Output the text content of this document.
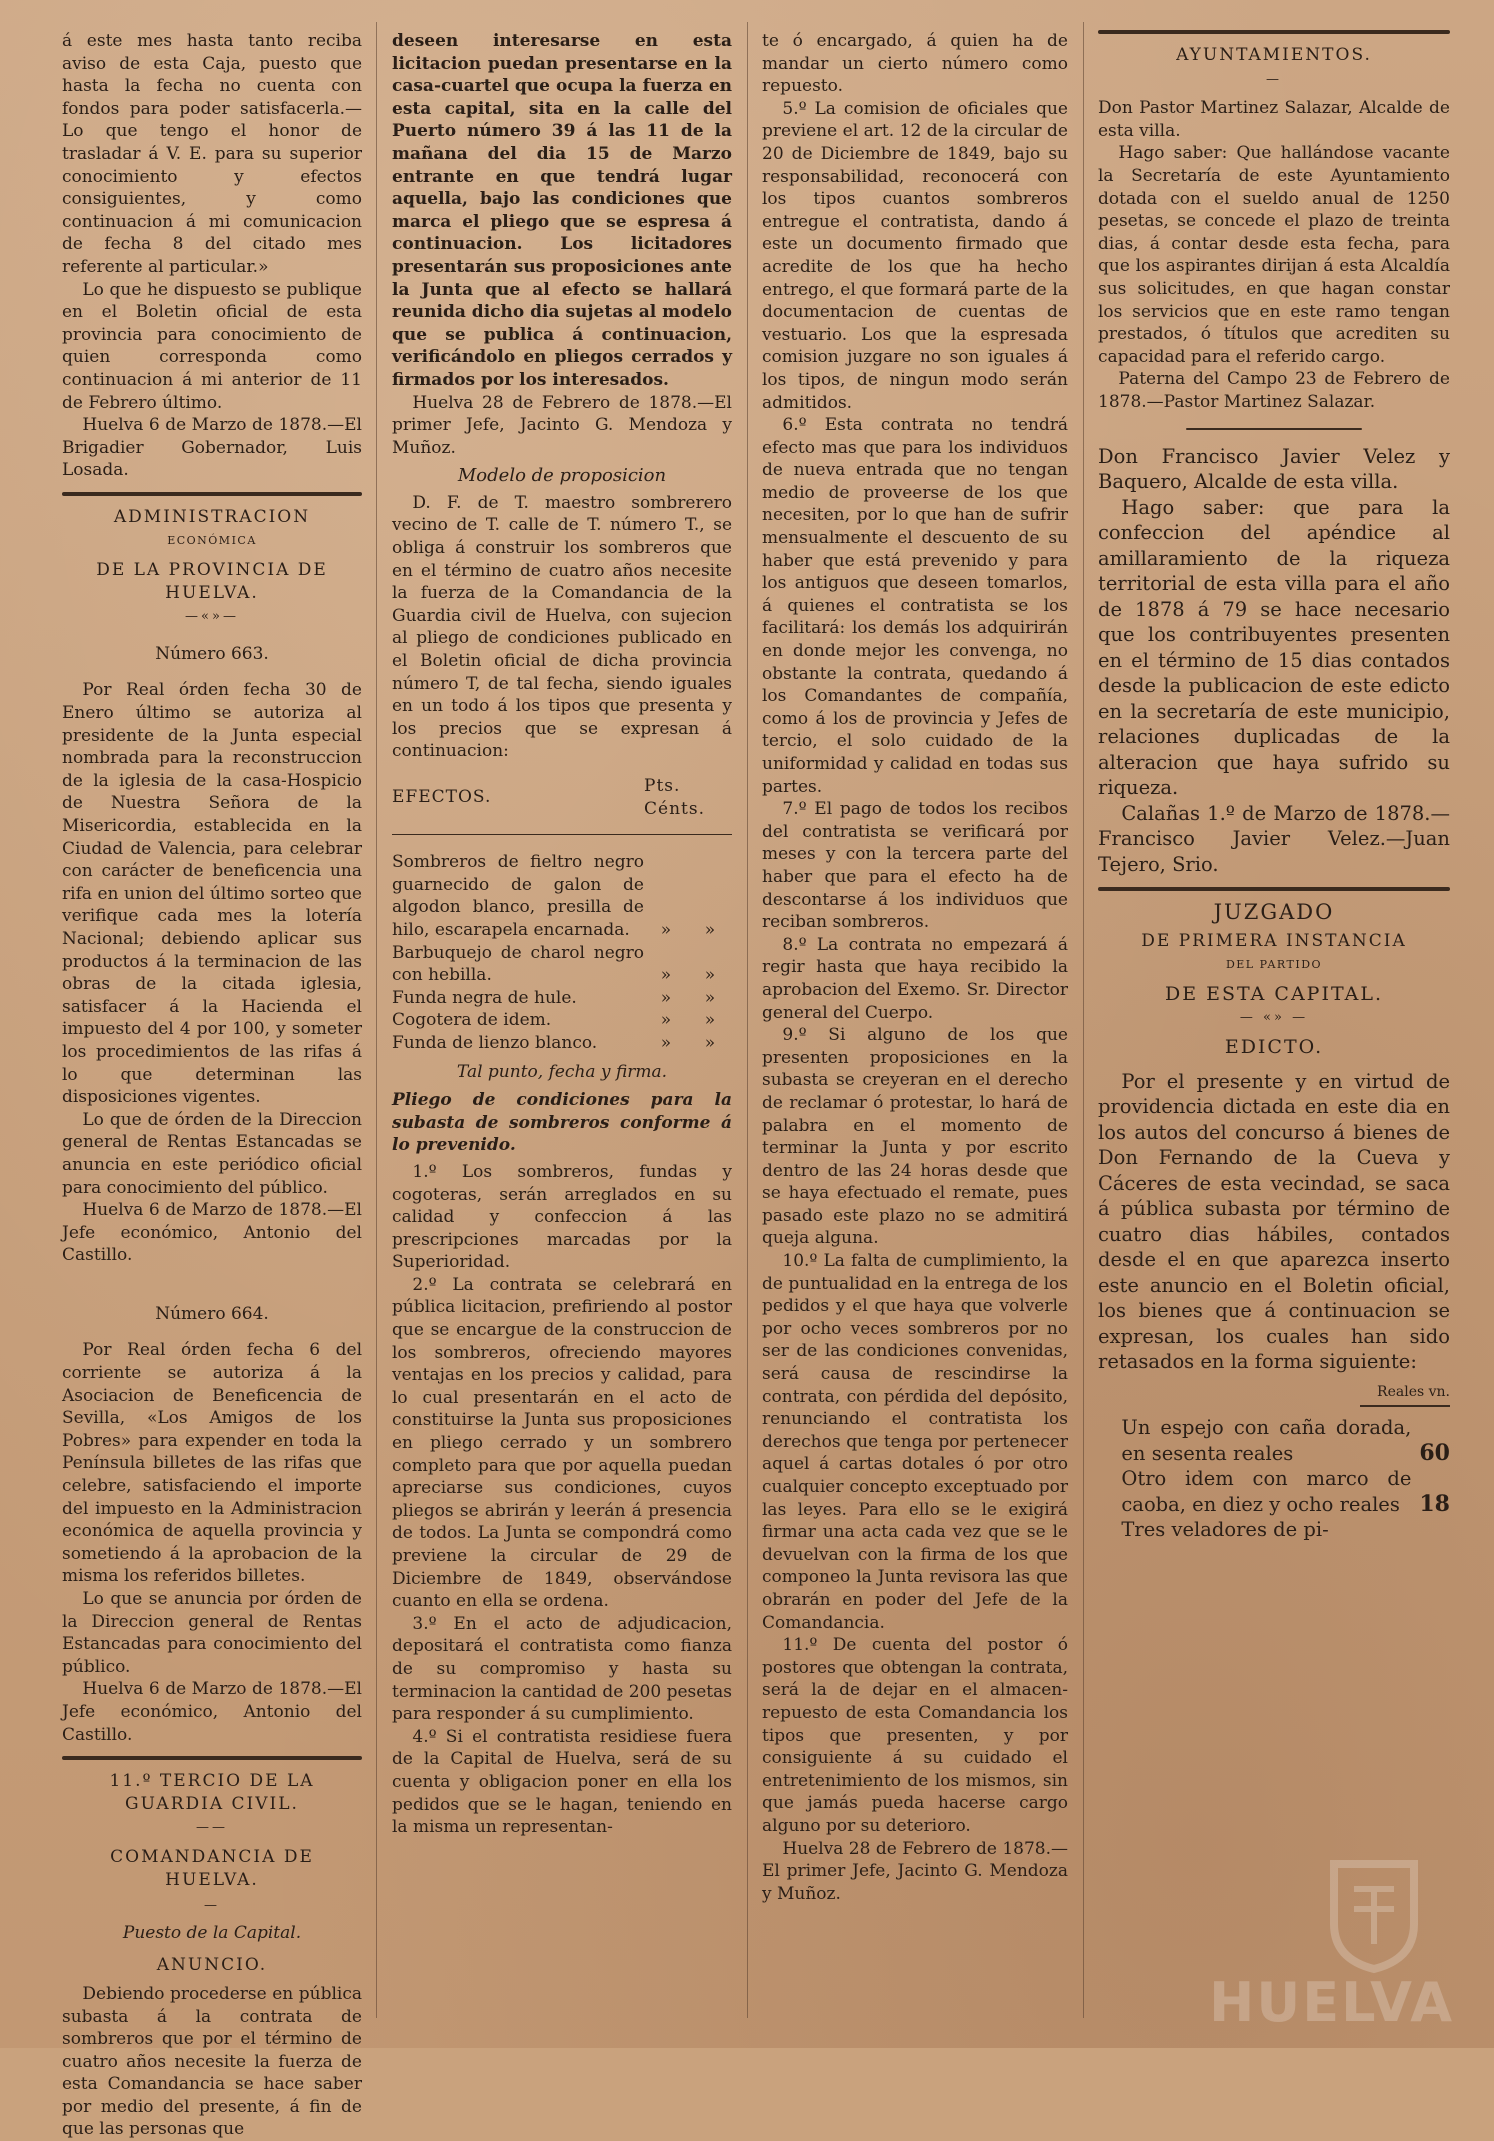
á este mes hasta tanto reciba aviso de esta Caja, puesto que hasta la fecha no cuenta con fondos para poder satisfacerla.—Lo que tengo el honor de trasladar á V. E. para su superior conocimiento y efectos consiguientes, y como continuacion á mi comunicacion de fecha 8 del citado mes referente al particular.»

Lo que he dispuesto se publique en el Boletin oficial de esta provincia para conocimiento de quien corresponda como continuacion á mi anterior de 11 de Febrero último.

Huelva 6 de Marzo de 1878.—El Brigadier Gobernador, Luis Losada.

ADMINISTRACION
ECONÓMICA
DE LA PROVINCIA DE HUELVA.
—«»—
Número 663.

Por Real órden fecha 30 de Enero último se autoriza al presidente de la Junta especial nombrada para la reconstruccion de la iglesia de la casa-Hospicio de Nuestra Señora de la Misericordia, establecida en la Ciudad de Valencia, para celebrar con carácter de beneficencia una rifa en union del último sorteo que verifique cada mes la lotería Nacional; debiendo aplicar sus productos á la terminacion de las obras de la citada iglesia, satisfacer á la Hacienda el impuesto del 4 por 100, y someter los procedimientos de las rifas á lo que determinan las disposiciones vigentes.

Lo que de órden de la Direccion general de Rentas Estancadas se anuncia en este periódico oficial para conocimiento del público.

Huelva 6 de Marzo de 1878.—El Jefe económico, Antonio del Castillo.

Número 664.

Por Real órden fecha 6 del corriente se autoriza á la Asociacion de Beneficencia de Sevilla, «Los Amigos de los Pobres» para expender en toda la Península billetes de las rifas que celebre, satisfaciendo el importe del impuesto en la Administracion económica de aquella provincia y sometiendo á la aprobacion de la misma los referidos billetes.

Lo que se anuncia por órden de la Direccion general de Rentas Estancadas para conocimiento del público.

Huelva 6 de Marzo de 1878.—El Jefe económico, Antonio del Castillo.

11.º TERCIO DE LA GUARDIA CIVIL.
——
COMANDANCIA DE HUELVA.
—
Puesto de la Capital.
ANUNCIO.

Debiendo procederse en pública subasta á la contrata de sombreros que por el término de cuatro años necesite la fuerza de esta Comandancia se hace saber por medio del presente, á fin de que las personas que

deseen interesarse en esta licitacion puedan presentarse en la casa-cuartel que ocupa la fuerza en esta capital, sita en la calle del Puerto número 39 á las 11 de la mañana del dia 15 de Marzo entrante en que tendrá lugar aquella, bajo las condiciones que marca el pliego que se espresa á continuacion. Los licitadores presentarán sus proposiciones ante la Junta que al efecto se hallará reunida dicho dia sujetas al modelo que se publica á continuacion, verificándolo en pliegos cerrados y firmados por los interesados.

Huelva 28 de Febrero de 1878.—El primer Jefe, Jacinto G. Mendoza y Muñoz.

Modelo de proposicion

D. F. de T. maestro sombrerero vecino de T. calle de T. número T., se obliga á construir los sombreros que en el término de cuatro años necesite la fuerza de la Comandancia de la Guardia civil de Huelva, con sujecion al pliego de condiciones publicado en el Boletin oficial de dicha provincia número T, de tal fecha, siendo iguales en un todo á los tipos que presenta y los precios que se expresan á continuacion:

EFECTOS.	Pts. Cénts.	
Sombreros de fieltro negro guarnecido de galon de algodon blanco, presilla de hilo, escarapela encarnada.	»	»
Barbuquejo de charol negro con hebilla.	»	»
Funda negra de hule.	»	»
Cogotera de idem.	»	»
Funda de lienzo blanco.	»	»
Tal punto, fecha y firma.

Pliego de condiciones para la subasta de sombreros conforme á lo prevenido.

1.º Los sombreros, fundas y cogoteras, serán arreglados en su calidad y confeccion á las prescripciones marcadas por la Superioridad.

2.º La contrata se celebrará en pública licitacion, prefiriendo al postor que se encargue de la construccion de los sombreros, ofreciendo mayores ventajas en los precios y calidad, para lo cual presentarán en el acto de constituirse la Junta sus proposiciones en pliego cerrado y un sombrero completo para que por aquella puedan apreciarse sus condiciones, cuyos pliegos se abrirán y leerán á presencia de todos. La Junta se compondrá como previene la circular de 29 de Diciembre de 1849, observándose cuanto en ella se ordena.

3.º En el acto de adjudicacion, depositará el contratista como fianza de su compromiso y hasta su terminacion la cantidad de 200 pesetas para responder á su cumplimiento.

4.º Si el contratista residiese fuera de la Capital de Huelva, será de su cuenta y obligacion poner en ella los pedidos que se le hagan, teniendo en la misma un representan-

te ó encargado, á quien ha de mandar un cierto número como repuesto.

5.º La comision de oficiales que previene el art. 12 de la circular de 20 de Diciembre de 1849, bajo su responsabilidad, reconocerá con los tipos cuantos sombreros entregue el contratista, dando á este un documento firmado que acredite de los que ha hecho entrego, el que formará parte de la documentacion de cuentas de vestuario. Los que la espresada comision juzgare no son iguales á los tipos, de ningun modo serán admitidos.

6.º Esta contrata no tendrá efecto mas que para los individuos de nueva entrada que no tengan medio de proveerse de los que necesiten, por lo que han de sufrir mensualmente el descuento de su haber que está prevenido y para los antiguos que deseen tomarlos, á quienes el contratista se los facilitará: los demás los adquirirán en donde mejor les convenga, no obstante la contrata, quedando á los Comandantes de compañía, como á los de provincia y Jefes de tercio, el solo cuidado de la uniformidad y calidad en todas sus partes.

7.º El pago de todos los recibos del contratista se verificará por meses y con la tercera parte del haber que para el efecto ha de descontarse á los individuos que reciban sombreros.

8.º La contrata no empezará á regir hasta que haya recibido la aprobacion del Exemo. Sr. Director general del Cuerpo.

9.º Si alguno de los que presenten proposiciones en la subasta se creyeran en el derecho de reclamar ó protestar, lo hará de palabra en el momento de terminar la Junta y por escrito dentro de las 24 horas desde que se haya efectuado el remate, pues pasado este plazo no se admitirá queja alguna.

10.º La falta de cumplimiento, la de puntualidad en la entrega de los pedidos y el que haya que volverle por ocho veces sombreros por no ser de las condiciones convenidas, será causa de rescindirse la contrata, con pérdida del depósito, renunciando el contratista los derechos que tenga por pertenecer aquel á cartas dotales ó por otro cualquier concepto exceptuado por las leyes. Para ello se le exigirá firmar una acta cada vez que se le devuelvan con la firma de los que componeo la Junta revisora las que obrarán en poder del Jefe de la Comandancia.

11.º De cuenta del postor ó postores que obtengan la contrata, será la de dejar en el almacen-repuesto de esta Comandancia los tipos que presenten, y por consiguiente á su cuidado el entretenimiento de los mismos, sin que jamás pueda hacerse cargo alguno por su deterioro.

Huelva 28 de Febrero de 1878.—El primer Jefe, Jacinto G. Mendoza y Muñoz.

AYUNTAMIENTOS.
—

Don Pastor Martinez Salazar, Alcalde de esta villa.

Hago saber: Que hallándose vacante la Secretaría de este Ayuntamiento dotada con el sueldo anual de 1250 pesetas, se concede el plazo de treinta dias, á contar desde esta fecha, para que los aspirantes dirijan á esta Alcaldía sus solicitudes, en que hagan constar los servicios que en este ramo tengan prestados, ó títulos que acrediten su capacidad para el referido cargo.

Paterna del Campo 23 de Febrero de 1878.—Pastor Martinez Salazar.

Don Francisco Javier Velez y Baquero, Alcalde de esta villa.

Hago saber: que para la confeccion del apéndice al amillaramiento de la riqueza territorial de esta villa para el año de 1878 á 79 se hace necesario que los contribuyentes presenten en el término de 15 dias contados desde la publicacion de este edicto en la secretaría de este municipio, relaciones duplicadas de la alteracion que haya sufrido su riqueza.

Calañas 1.º de Marzo de 1878.—Francisco Javier Velez.—Juan Tejero, Srio.

JUZGADO
DE PRIMERA INSTANCIA
DEL PARTIDO
DE ESTA CAPITAL.
— «» —
EDICTO.

Por el presente y en virtud de providencia dictada en este dia en los autos del concurso á bienes de Don Fernando de la Cueva y Cáceres de esta vecindad, se saca á pública subasta por término de cuatro dias hábiles, contados desde el en que aparezca inserto este anuncio en el Boletin oficial, los bienes que á continuacion se expresan, los cuales han sido retasados en la forma siguiente:

Reales vn.
Un espejo con caña dorada, en sesenta reales	60
Otro idem con marco de caoba, en diez y ocho reales 18

Tres veladores de pi-

HUELVA
